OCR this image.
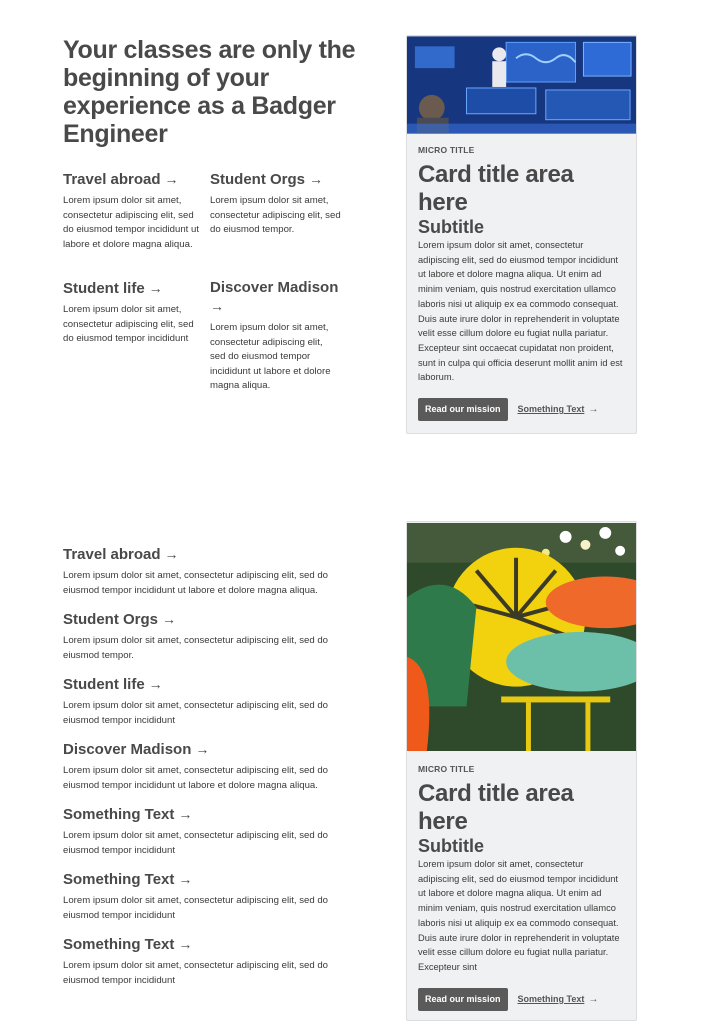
Your classes are only the beginning of your experience as a Badger Engineer
Travel abroad →

Lorem ipsum dolor sit amet, consectetur adipiscing elit, sed do eiusmod tempor incididunt ut labore et dolore magna aliqua.

Student Orgs →

Lorem ipsum dolor sit amet, consectetur adipiscing elit, sed do eiusmod tempor.

Student life →

Lorem ipsum dolor sit amet, consectetur adipiscing elit, sed do eiusmod tempor incididunt

Discover Madison
→

Lorem ipsum dolor sit amet, consectetur adipiscing elit, sed do eiusmod tempor incididunt ut labore et dolore magna aliqua.

MICRO TITLE
Card title area here
Subtitle

Lorem ipsum dolor sit amet, consectetur adipiscing elit, sed do eiusmod tempor incididunt ut labore et dolore magna aliqua. Ut enim ad minim veniam, quis nostrud exercitation ullamco laboris nisi ut aliquip ex ea commodo consequat. Duis aute irure dolor in reprehenderit in voluptate velit esse cillum dolore eu fugiat nulla pariatur. Excepteur sint occaecat cupidatat non proident, sunt in culpa qui officia deserunt mollit anim id est laborum.

Read our mission	Something Text →
Travel abroad →

Lorem ipsum dolor sit amet, consectetur adipiscing elit, sed do eiusmod tempor incididunt ut labore et dolore magna aliqua.

Student Orgs →

Lorem ipsum dolor sit amet, consectetur adipiscing elit, sed do eiusmod tempor.

Student life →

Lorem ipsum dolor sit amet, consectetur adipiscing elit, sed do eiusmod tempor incididunt

Discover Madison →

Lorem ipsum dolor sit amet, consectetur adipiscing elit, sed do eiusmod tempor incididunt ut labore et dolore magna aliqua.

Something Text →

Lorem ipsum dolor sit amet, consectetur adipiscing elit, sed do eiusmod tempor incididunt

Something Text →

Lorem ipsum dolor sit amet, consectetur adipiscing elit, sed do eiusmod tempor incididunt

Something Text →

Lorem ipsum dolor sit amet, consectetur adipiscing elit, sed do eiusmod tempor incididunt

MICRO TITLE
Card title area here
Subtitle

Lorem ipsum dolor sit amet, consectetur adipiscing elit, sed do eiusmod tempor incididunt ut labore et dolore magna aliqua. Ut enim ad minim veniam, quis nostrud exercitation ullamco laboris nisi ut aliquip ex ea commodo consequat. Duis aute irure dolor in reprehenderit in voluptate velit esse cillum dolore eu fugiat nulla pariatur. Excepteur sint

Read our mission	Something Text →
